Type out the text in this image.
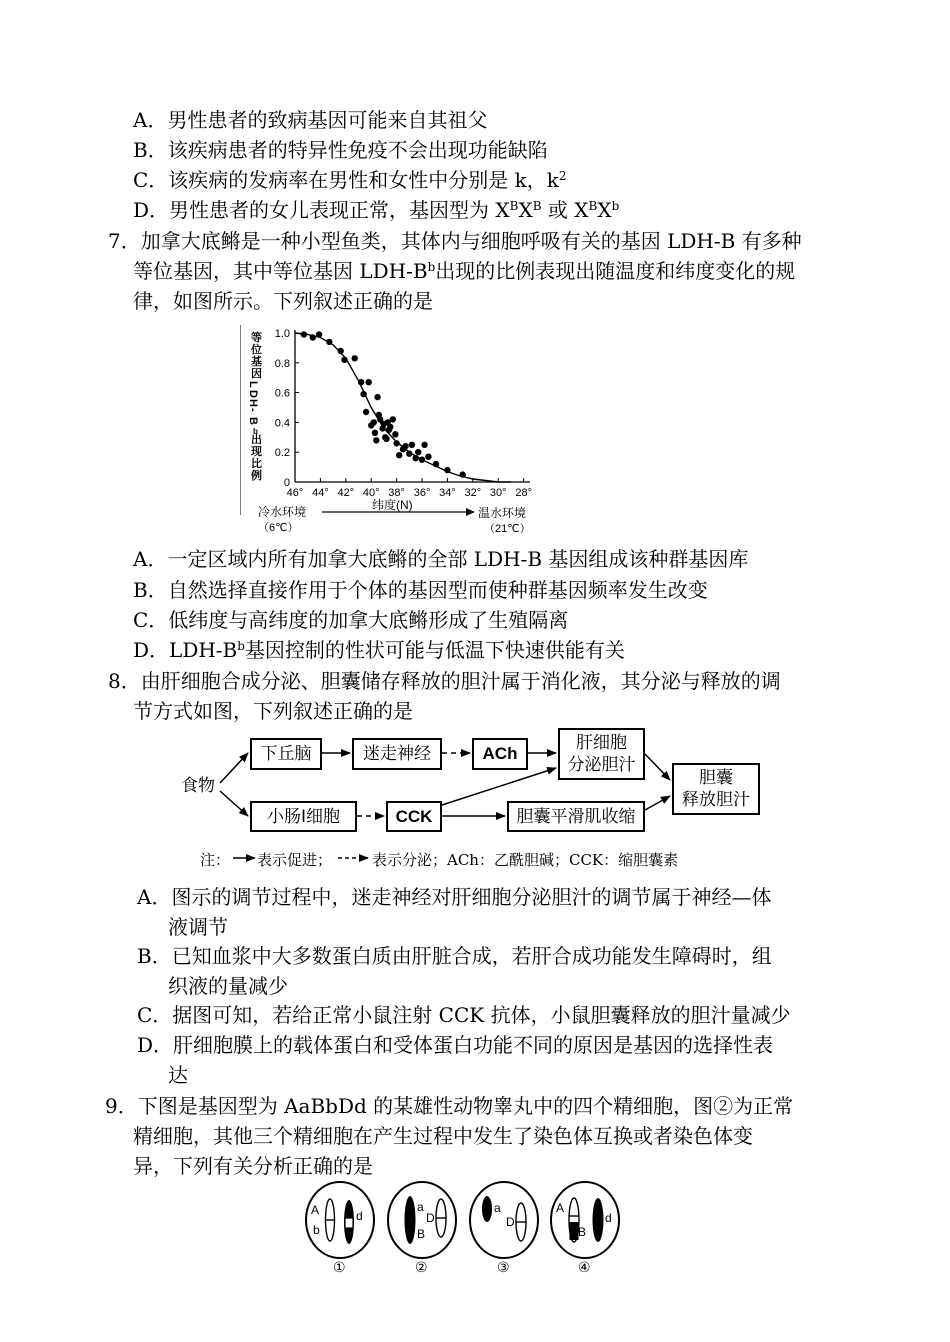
A．男性患者的致病基因可能来自其祖父
B．该疾病患者的特异性免疫不会出现功能缺陷
C．该疾病的发病率在男性和女性中分别是 k，$k^2$
D．男性患者的女儿表现正常，基因型为 $X^BX^B$ 或 $X^BX^b$
7．加拿大底鳉是一种小型鱼类，其体内与细胞呼吸有关的基因 LDH-B 有多种
等位基因，其中等位基因 LDH-$B^b$出现的比例表现出随温度和纬度变化的规
律，如图所示。下列叙述正确的是
等
位
基
因
L
D
H
-
B
b
出
现
比
例
0
0.2
0.4
0.6
0.8
1.0
46° 44° 42° 40° 38° 36° 34° 32° 30° 28°
冷水环境
（6℃）
纬度(N)
温水环境
（21℃）
A．一定区域内所有加拿大底鳉的全部 LDH-B 基因组成该种群基因库
B．自然选择直接作用于个体的基因型而使种群基因频率发生改变
C．低纬度与高纬度的加拿大底鳉形成了生殖隔离
D．LDH-$B^b$基因控制的性状可能与低温下快速供能有关
8．由肝细胞合成分泌、胆囊储存释放的胆汁属于消化液，其分泌与释放的调
节方式如图，下列叙述正确的是
食物
下丘脑	迷走神经	ACh
肝细胞
分泌胆汁
小肠Ⅰ细胞	CCK	胆囊平滑肌收缩
胆囊
释放胆汁
注： 表示促进；	表示分泌；ACh：乙酰胆碱；CCK：缩胆囊素
A．图示的调节过程中，迷走神经对肝细胞分泌胆汁的调节属于神经—体
液调节
B．已知血浆中大多数蛋白质由肝脏合成，若肝合成功能发生障碍时，组
织液的量减少
C．据图可知，若给正常小鼠注射 CCK 抗体，小鼠胆囊释放的胆汁量减少
D．肝细胞膜上的载体蛋白和受体蛋白功能不同的原因是基因的选择性表
达
9．下图是基因型为 AaBbDd 的某雄性动物睾丸中的四个精细胞，图②为正常
精细胞，其他三个精细胞在产生过程中发生了染色体互换或者染色体变
异，下列有关分析正确的是
A
b
d
①
a
B
D
②
a
D
③
A
B
d
④
